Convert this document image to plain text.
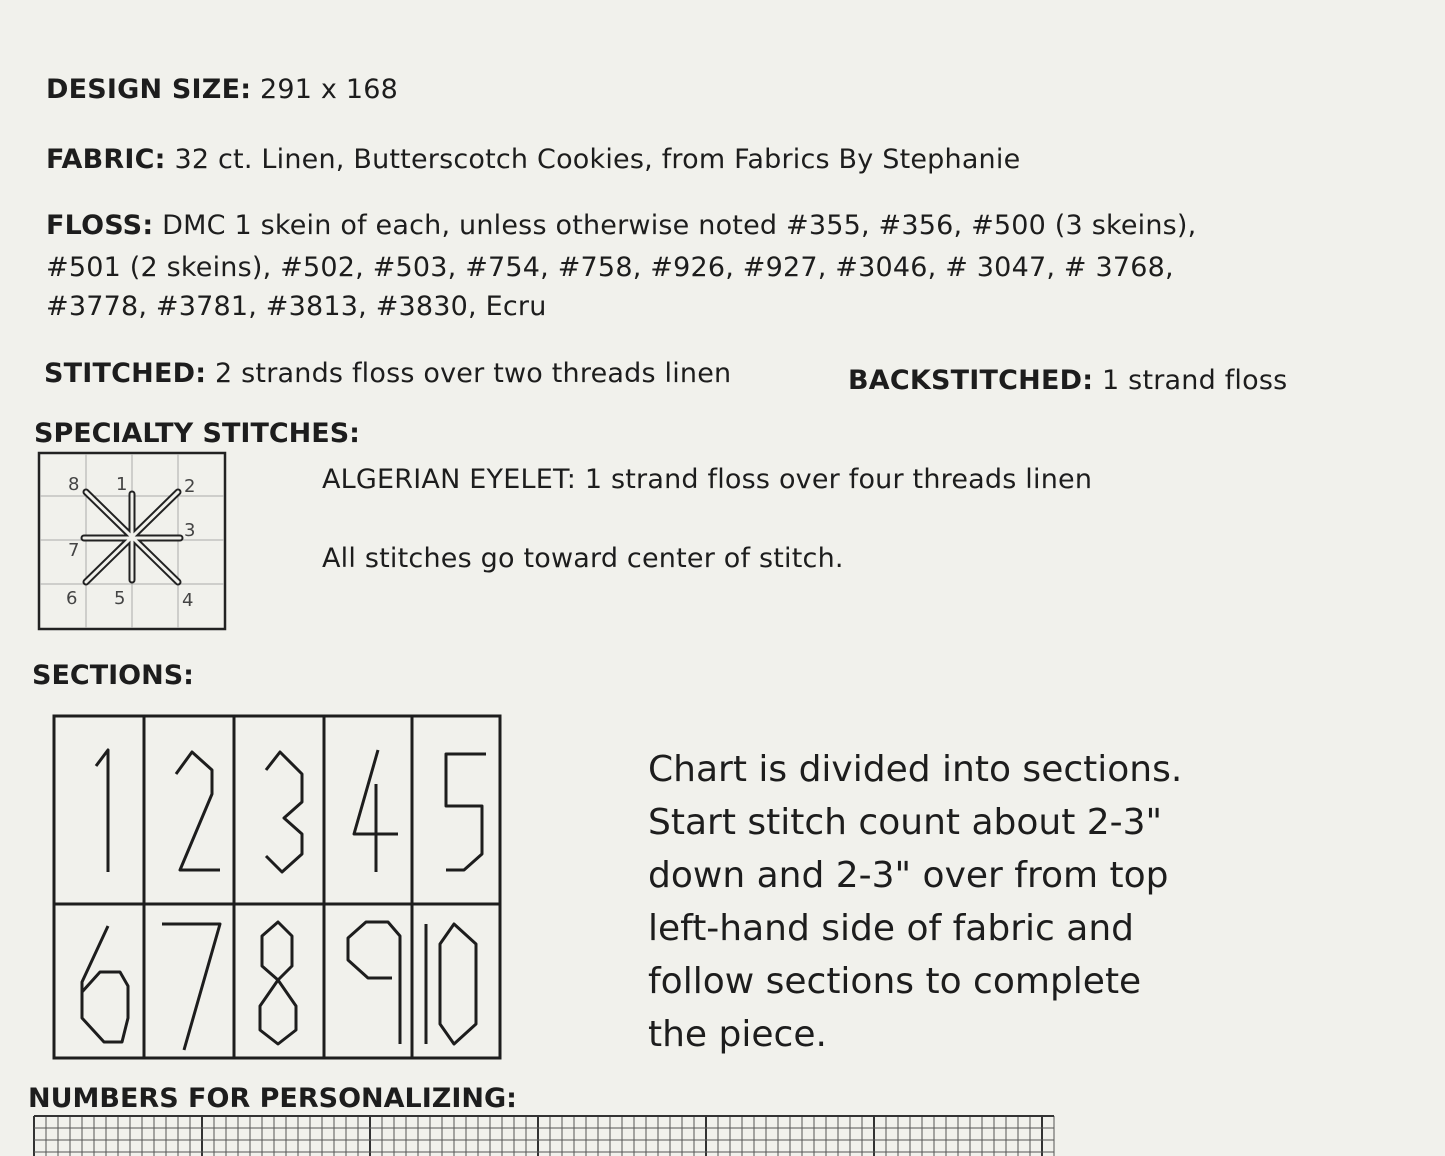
DESIGN SIZE: 291 x 168
FABRIC: 32 ct. Linen, Butterscotch Cookies, from Fabrics By Stephanie
FLOSS: DMC 1 skein of each, unless otherwise noted #355, #356, #500 (3 skeins),
#501 (2 skeins), #502, #503, #754, #758, #926, #927, #3046, # 3047, # 3768,
#3778, #3781, #3813, #3830, Ecru
STITCHED: 2 strands floss over two threads linen	BACKSTITCHED: 1 strand floss
SPECIALTY STITCHES:
8 1	2
3
7
6 5	4
ALGERIAN EYELET: 1 strand floss over four threads linen
All stitches go toward center of stitch.
SECTIONS:
1	2	3	4	5
6	7	8	9	10
Chart is divided into sections.
Start stitch count about 2-3"
down and 2-3" over from top
left-hand side of fabric and
follow sections to complete
the piece.
NUMBERS FOR PERSONALIZING:
